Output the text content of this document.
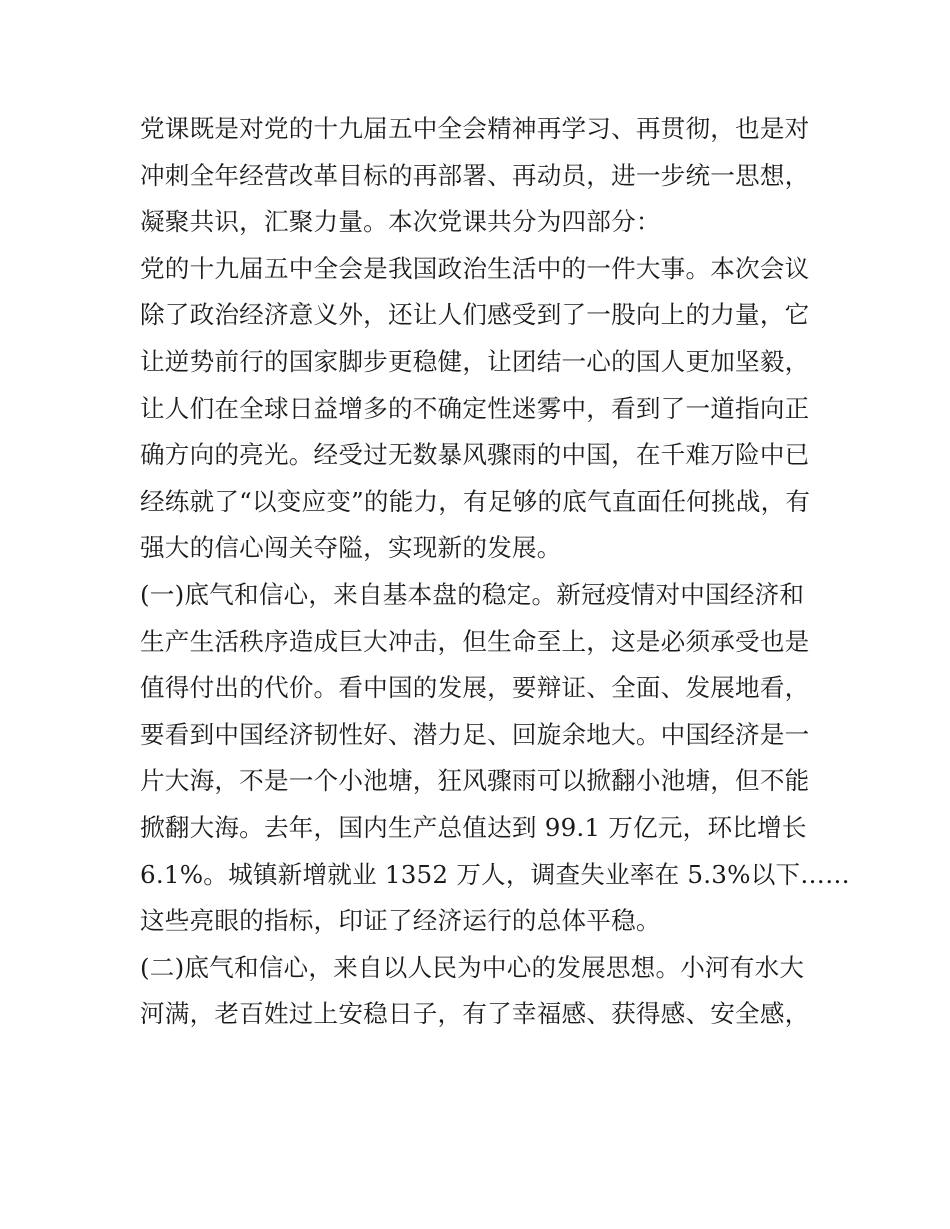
党课既是对党的十九届五中全会精神再学习、再贯彻，也是对
冲刺全年经营改革目标的再部署、再动员，进一步统一思想，
凝聚共识，汇聚力量。本次党课共分为四部分：
党的十九届五中全会是我国政治生活中的一件大事。本次会议
除了政治经济意义外，还让人们感受到了一股向上的力量，它
让逆势前行的国家脚步更稳健，让团结一心的国人更加坚毅，
让人们在全球日益增多的不确定性迷雾中，看到了一道指向正
确方向的亮光。经受过无数暴风骤雨的中国，在千难万险中已
经练就了“以变应变”的能力，有足够的底气直面任何挑战，有
强大的信心闯关夺隘，实现新的发展。
(一)底气和信心，来自基本盘的稳定。新冠疫情对中国经济和
生产生活秩序造成巨大冲击，但生命至上，这是必须承受也是
值得付出的代价。看中国的发展，要辩证、全面、发展地看，
要看到中国经济韧性好、潜力足、回旋余地大。中国经济是一
片大海，不是一个小池塘，狂风骤雨可以掀翻小池塘，但不能
掀翻大海。去年，国内生产总值达到 99.1 万亿元，环比增长
6.1%。城镇新增就业 1352 万人，调查失业率在 5.3%以下……
这些亮眼的指标，印证了经济运行的总体平稳。
(二)底气和信心，来自以人民为中心的发展思想。小河有水大
河满，老百姓过上安稳日子，有了幸福感、获得感、安全感，
